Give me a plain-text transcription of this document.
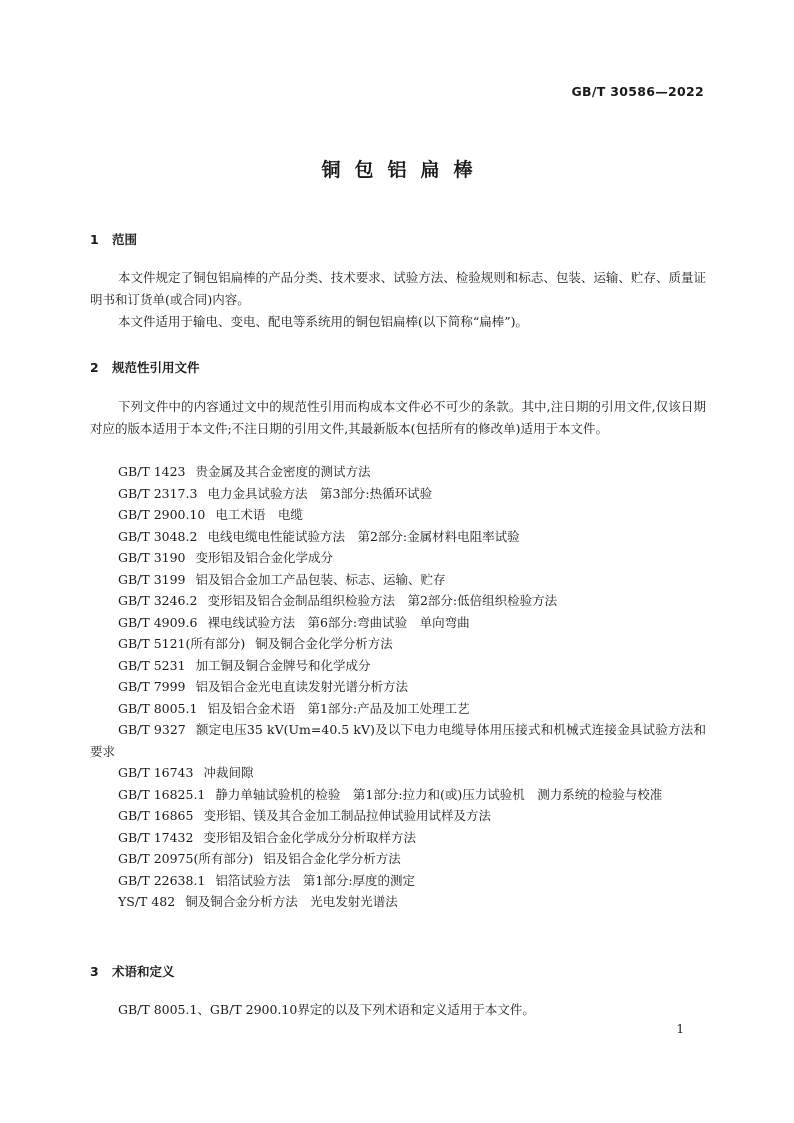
GB/T 30586—2022
铜包铝扁棒
1 范围
本文件规定了铜包铝扁棒的产品分类、技术要求、试验方法、检验规则和标志、包装、运输、贮存、质量证明书和订货单(或合同)内容。
本文件适用于输电、变电、配电等系统用的铜包铝扁棒(以下简称“扁棒”)。
2 规范性引用文件
下列文件中的内容通过文中的规范性引用而构成本文件必不可少的条款。其中,注日期的引用文件,仅该日期对应的版本适用于本文件;不注日期的引用文件,其最新版本(包括所有的修改单)适用于本文件。
GB/T 1423 贵金属及其合金密度的测试方法
GB/T 2317.3 电力金具试验方法　第3部分:热循环试验
GB/T 2900.10 电工术语　电缆
GB/T 3048.2 电线电缆电性能试验方法　第2部分:金属材料电阻率试验
GB/T 3190 变形铝及铝合金化学成分
GB/T 3199 铝及铝合金加工产品包装、标志、运输、贮存
GB/T 3246.2 变形铝及铝合金制品组织检验方法　第2部分:低倍组织检验方法
GB/T 4909.6 裸电线试验方法　第6部分:弯曲试验　单向弯曲
GB/T 5121(所有部分) 铜及铜合金化学分析方法
GB/T 5231 加工铜及铜合金牌号和化学成分
GB/T 7999 铝及铝合金光电直读发射光谱分析方法
GB/T 8005.1 铝及铝合金术语　第1部分:产品及加工处理工艺
GB/T 9327 额定电压35 kV(Um=40.5 kV)及以下电力电缆导体用压接式和机械式连接金具试验方法和要求
GB/T 16743 冲裁间隙
GB/T 16825.1 静力单轴试验机的检验　第1部分:拉力和(或)压力试验机　测力系统的检验与校准
GB/T 16865 变形铝、镁及其合金加工制品拉伸试验用试样及方法
GB/T 17432 变形铝及铝合金化学成分分析取样方法
GB/T 20975(所有部分) 铝及铝合金化学分析方法
GB/T 22638.1 铝箔试验方法　第1部分:厚度的测定
YS/T 482 铜及铜合金分析方法　光电发射光谱法
3 术语和定义
GB/T 8005.1、GB/T 2900.10界定的以及下列术语和定义适用于本文件。
1
